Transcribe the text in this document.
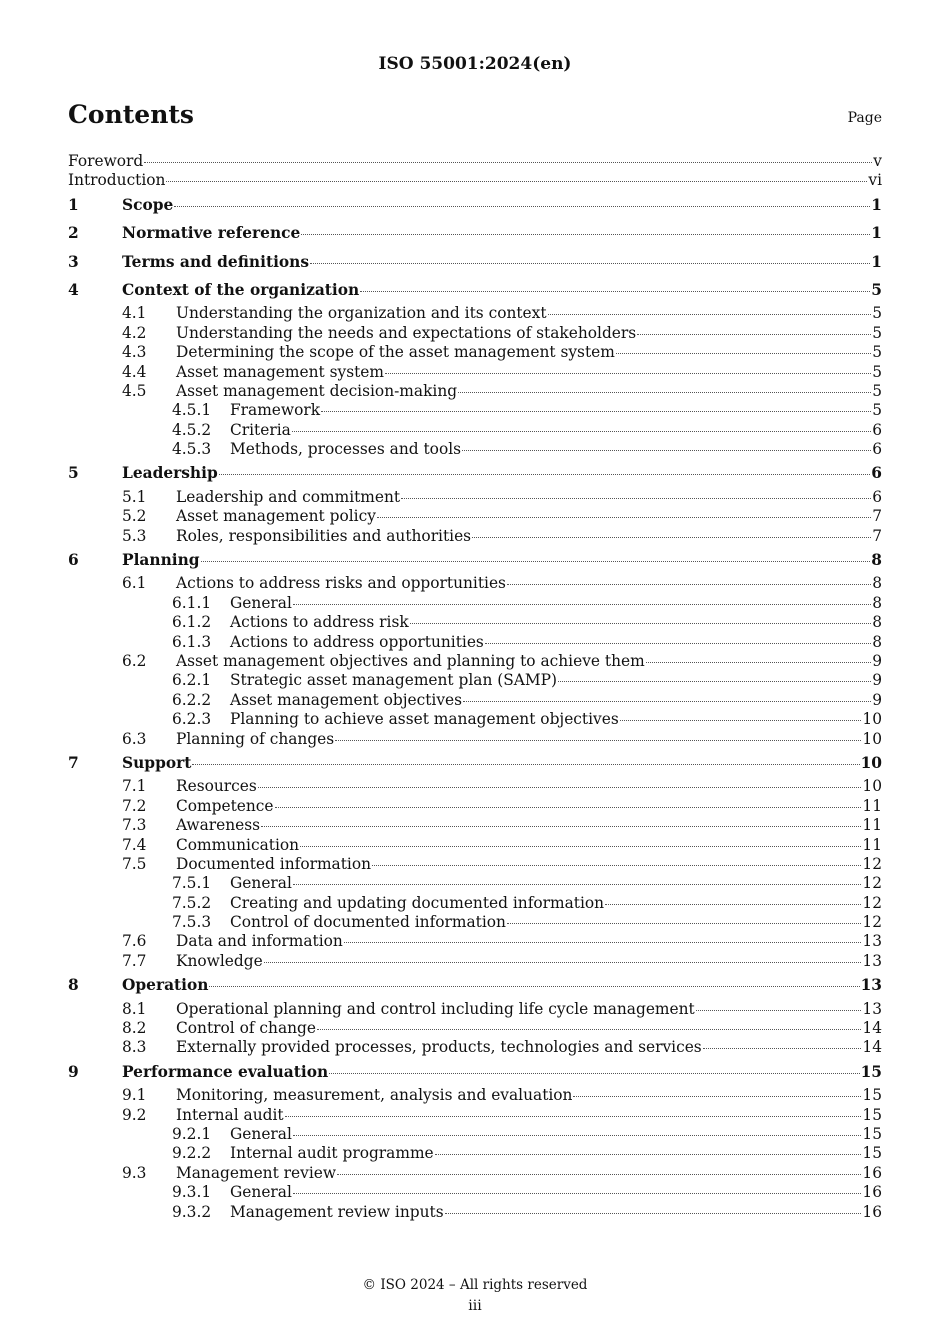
ISO 55001:2024(en)
Contents	Page
Foreword	v
Introduction	vi
1	Scope	1
2	Normative reference	1
3	Terms and definitions	1
4	Context of the organization	5
4.1 Understanding the organization and its context	5
4.2 Understanding the needs and expectations of stakeholders	5
4.3 Determining the scope of the asset management system	5
4.4 Asset management system	5
4.5 Asset management decision-making	5
4.5.1 Framework	5
4.5.2 Criteria	6
4.5.3 Methods, processes and tools	6
5	Leadership	6
5.1 Leadership and commitment	6
5.2 Asset management policy	7
5.3 Roles, responsibilities and authorities	7
6	Planning	8
6.1 Actions to address risks and opportunities	8
6.1.1 General	8
6.1.2 Actions to address risk	8
6.1.3 Actions to address opportunities	8
6.2 Asset management objectives and planning to achieve them	9
6.2.1 Strategic asset management plan (SAMP)	9
6.2.2 Asset management objectives	9
6.2.3 Planning to achieve asset management objectives	10
6.3 Planning of changes	10
7	Support	10
7.1 Resources	10
7.2 Competence	11
7.3 Awareness	11
7.4 Communication	11
7.5 Documented information	12
7.5.1 General	12
7.5.2 Creating and updating documented information	12
7.5.3 Control of documented information	12
7.6 Data and information	13
7.7 Knowledge	13
8	Operation	13
8.1 Operational planning and control including life cycle management	13
8.2 Control of change	14
8.3 Externally provided processes, products, technologies and services	14
9	Performance evaluation	15
9.1 Monitoring, measurement, analysis and evaluation	15
9.2 Internal audit	15
9.2.1 General	15
9.2.2 Internal audit programme	15
9.3 Management review	16
9.3.1 General	16
9.3.2 Management review inputs	16
© ISO 2024 – All rights reserved
iii
